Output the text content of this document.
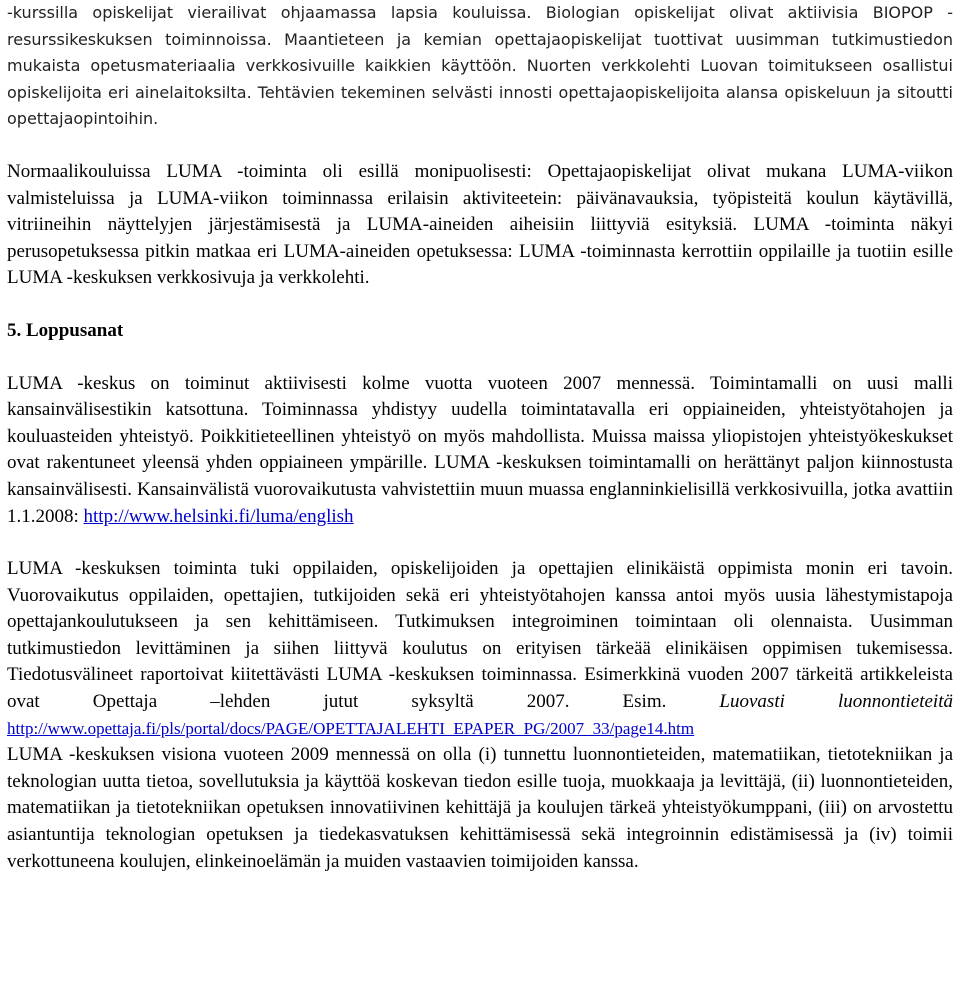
-kurssilla opiskelijat vierailivat ohjaamassa lapsia kouluissa. Biologian opiskelijat olivat aktiivisia BIOPOP -resurssikeskuksen toiminnoissa. Maantieteen ja kemian opettajaopiskelijat tuottivat uusimman tutkimustiedon mukaista opetusmateriaalia verkkosivuille kaikkien käyttöön. Nuorten verkkolehti Luovan toimitukseen osallistui opiskelijoita eri ainelaitoksilta. Tehtävien tekeminen selvästi innosti opettajaopiskelijoita alansa opiskeluun ja sitoutti opettajaopintoihin.

Normaalikouluissa LUMA -toiminta oli esillä monipuolisesti: Opettajaopiskelijat olivat mukana LUMA-viikon valmisteluissa ja LUMA-viikon toiminnassa erilaisin aktiviteetein: päivänavauksia, työpisteitä koulun käytävillä, vitriineihin näyttelyjen järjestämisestä ja LUMA-aineiden aiheisiin liittyviä esityksiä. LUMA -toiminta näkyi perusopetuksessa pitkin matkaa eri LUMA-aineiden opetuksessa: LUMA -toiminnasta kerrottiin oppilaille ja tuotiin esille LUMA -keskuksen verkkosivuja ja verkkolehti.

5. Loppusanat

LUMA -keskus on toiminut aktiivisesti kolme vuotta vuoteen 2007 mennessä. Toimintamalli on uusi malli kansainvälisestikin katsottuna. Toiminnassa yhdistyy uudella toimintatavalla eri oppiaineiden, yhteistyötahojen ja kouluasteiden yhteistyö. Poikkitieteellinen yhteistyö on myös mahdollista. Muissa maissa yliopistojen yhteistyökeskukset ovat rakentuneet yleensä yhden oppiaineen ympärille. LUMA -keskuksen toimintamalli on herättänyt paljon kiinnostusta kansainvälisesti. Kansainvälistä vuorovaikutusta vahvistettiin muun muassa englanninkielisillä verkkosivuilla, jotka avattiin 1.1.2008: http://www.helsinki.fi/luma/english

LUMA -keskuksen toiminta tuki oppilaiden, opiskelijoiden ja opettajien elinikäistä oppimista monin eri tavoin. Vuorovaikutus oppilaiden, opettajien, tutkijoiden sekä eri yhteistyötahojen kanssa antoi myös uusia lähestymistapoja opettajankoulutukseen ja sen kehittämiseen. Tutkimuksen integroiminen toimintaan oli olennaista. Uusimman tutkimustiedon levittäminen ja siihen liittyvä koulutus on erityisen tärkeää elinikäisen oppimisen tukemisessa. Tiedotusvälineet raportoivat kiitettävästi LUMA -keskuksen toiminnassa. Esimerkkinä vuoden 2007 tärkeitä artikkeleista ovat Opettaja –lehden jutut syksyltä 2007. Esim. Luovasti luonnontieteitä http://www.opettaja.fi/pls/portal/docs/PAGE/OPETTAJALEHTI_EPAPER_PG/2007_33/page14.htm

LUMA -keskuksen visiona vuoteen 2009 mennessä on olla (i) tunnettu luonnontieteiden, matematiikan, tietotekniikan ja teknologian uutta tietoa, sovellutuksia ja käyttöä koskevan tiedon esille tuoja, muokkaaja ja levittäjä, (ii) luonnontieteiden, matematiikan ja tietotekniikan opetuksen innovatiivinen kehittäjä ja koulujen tärkeä yhteistyökumppani, (iii) on arvostettu asiantuntija teknologian opetuksen ja tiedekasvatuksen kehittämisessä sekä integroinnin edistämisessä ja (iv) toimii verkottuneena koulujen, elinkeinoelämän ja muiden vastaavien toimijoiden kanssa.
